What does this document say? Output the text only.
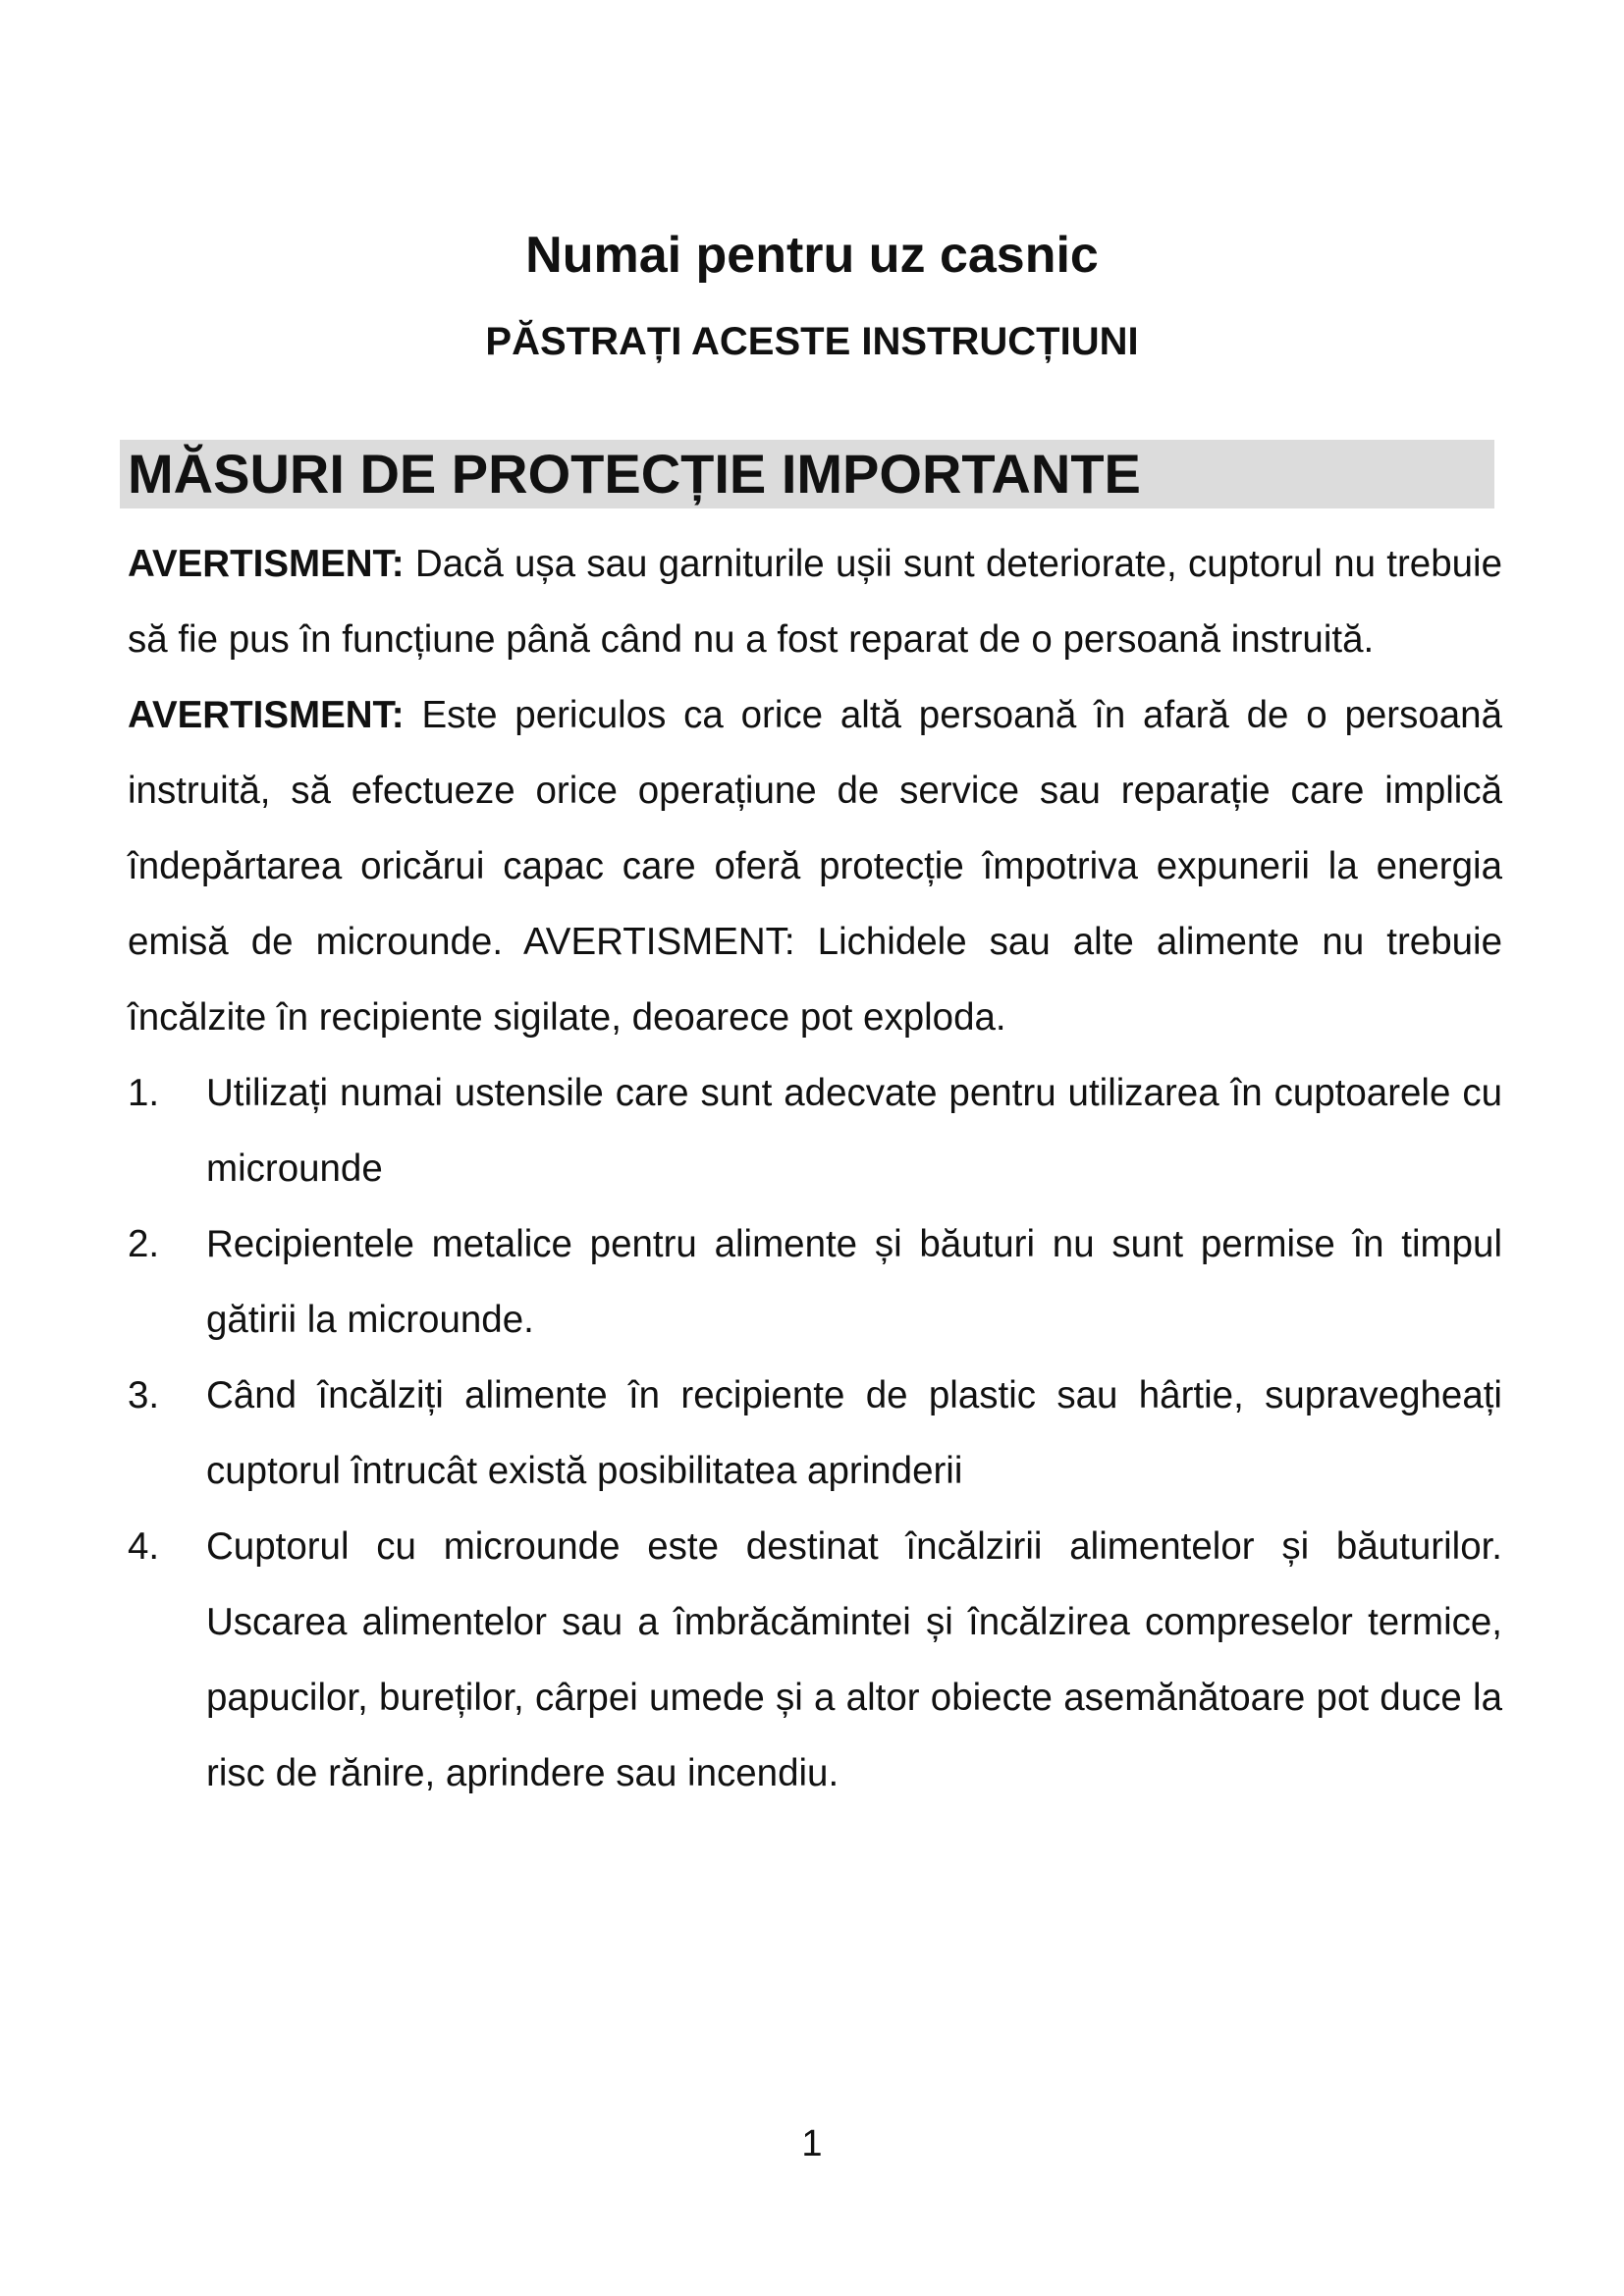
Numai pentru uz casnic
PĂSTRAȚI ACESTE INSTRUCȚIUNI
MĂSURI DE PROTECȚIE IMPORTANTE

AVERTISMENT: Dacă ușa sau garniturile ușii sunt deteriorate, cuptorul nu trebuie să fie pus în funcțiune până când nu a fost reparat de o persoană instruită.

AVERTISMENT: Este periculos ca orice altă persoană în afară de o persoană instruită, să efectueze orice operațiune de service sau reparație care implică îndepărtarea oricărui capac care oferă protecție împotriva expunerii la energia emisă de microunde. AVERTISMENT: Lichidele sau alte alimente nu trebuie încălzite în recipiente sigilate, deoarece pot exploda.

1. Utilizați numai ustensile care sunt adecvate pentru utilizarea în cuptoarele cu microunde
2. Recipientele metalice pentru alimente și băuturi nu sunt permise în timpul gătirii la microunde.
3. Când încălziți alimente în recipiente de plastic sau hârtie, supravegheați cuptorul întrucât există posibilitatea aprinderii
4. Cuptorul cu microunde este destinat încălzirii alimentelor și băuturilor. Uscarea alimentelor sau a îmbrăcămintei și încălzirea compreselor termice, papucilor, bureților, cârpei umede și a altor obiecte asemănătoare pot duce la risc de rănire, aprindere sau incendiu.
1
